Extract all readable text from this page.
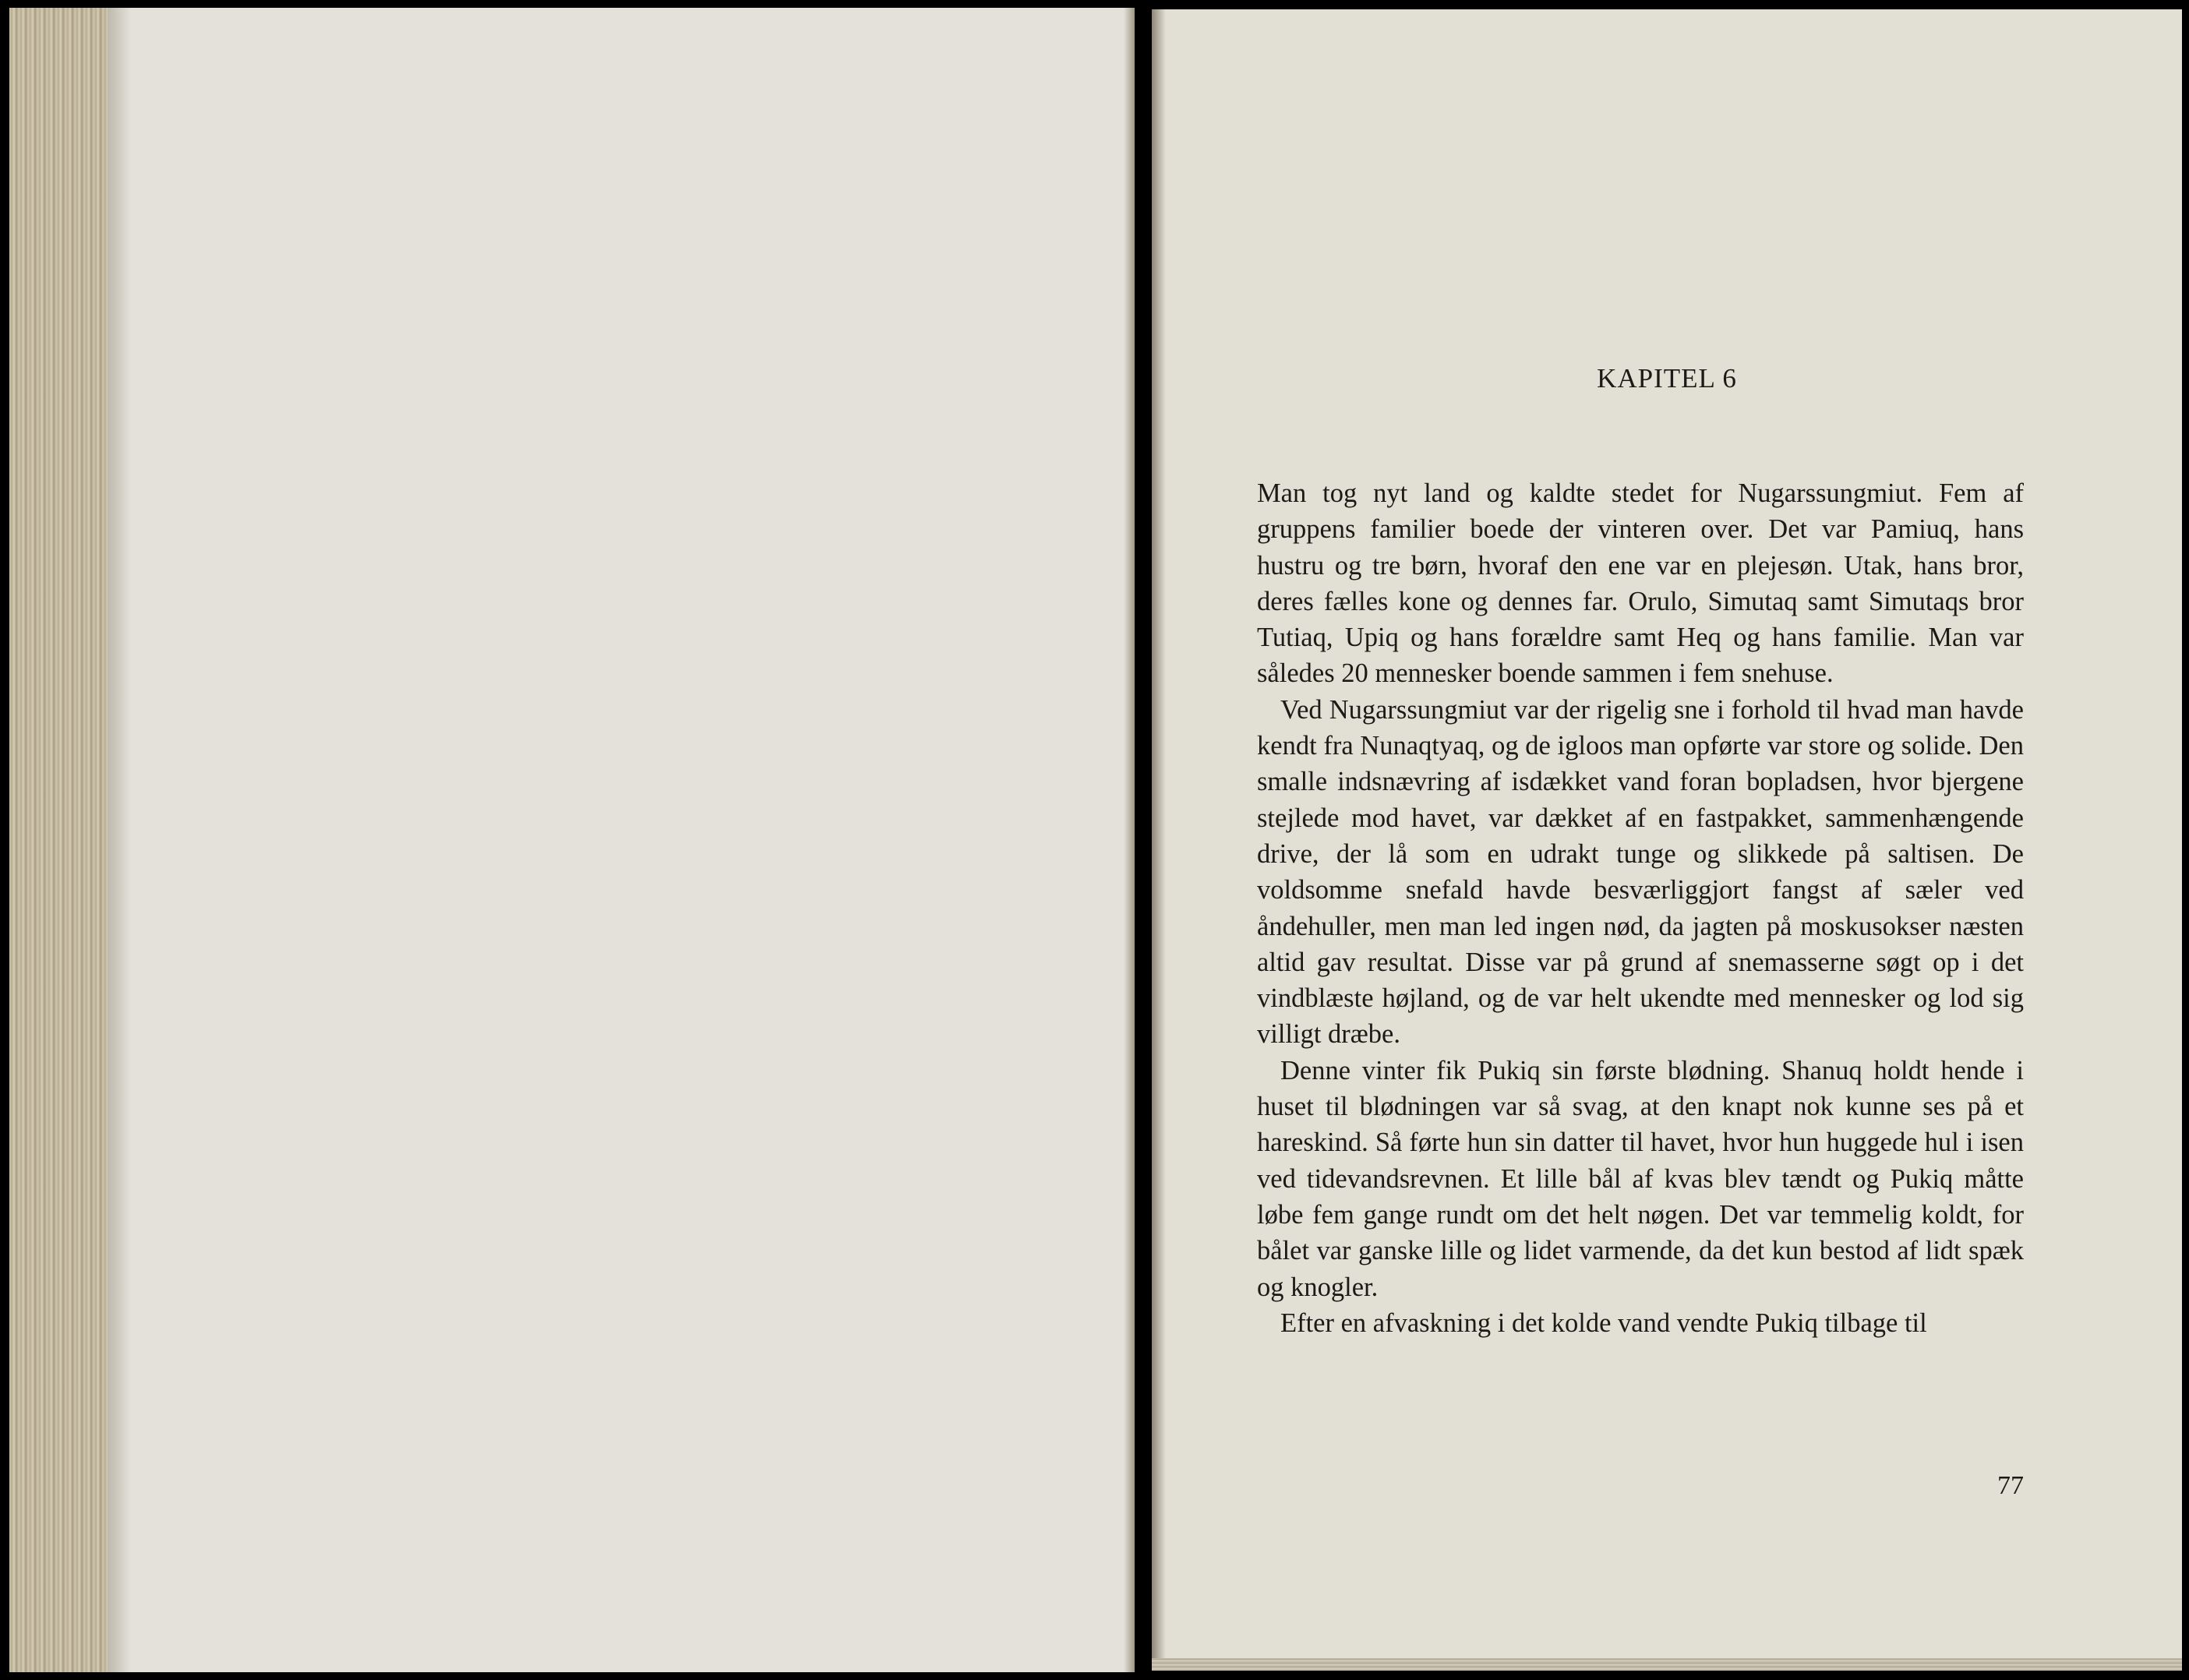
KAPITEL 6

Man tog nyt land og kaldte stedet for Nugarssungmiut. Fem af gruppens familier boede der vinteren over. Det var Pamiuq, hans hustru og tre børn, hvoraf den ene var en plejesøn. Utak, hans bror, deres fælles kone og dennes far. Orulo, Simutaq samt Simutaqs bror Tutiaq, Upiq og hans forældre samt Heq og hans familie. Man var således 20 mennesker boende sammen i fem snehuse.

Ved Nugarssungmiut var der rigelig sne i forhold til hvad man havde kendt fra Nunaqtyaq, og de igloos man opførte var store og solide. Den smalle indsnævring af isdækket vand foran bopladsen, hvor bjergene stejlede mod havet, var dækket af en fastpakket, sammenhængende drive, der lå som en udrakt tunge og slikkede på saltisen. De voldsomme snefald havde besværliggjort fangst af sæler ved åndehuller, men man led ingen nød, da jagten på moskusokser næsten altid gav resultat. Disse var på grund af snemasserne søgt op i det vindblæste højland, og de var helt ukendte med mennesker og lod sig villigt dræbe.

Denne vinter fik Pukiq sin første blødning. Shanuq holdt hende i huset til blødningen var så svag, at den knapt nok kunne ses på et hareskind. Så førte hun sin datter til havet, hvor hun huggede hul i isen ved tidevandsrevnen. Et lille bål af kvas blev tændt og Pukiq måtte løbe fem gange rundt om det helt nøgen. Det var temmelig koldt, for bålet var ganske lille og lidet varmende, da det kun bestod af lidt spæk og knogler.

Efter en afvaskning i det kolde vand vendte Pukiq tilbage til

77
